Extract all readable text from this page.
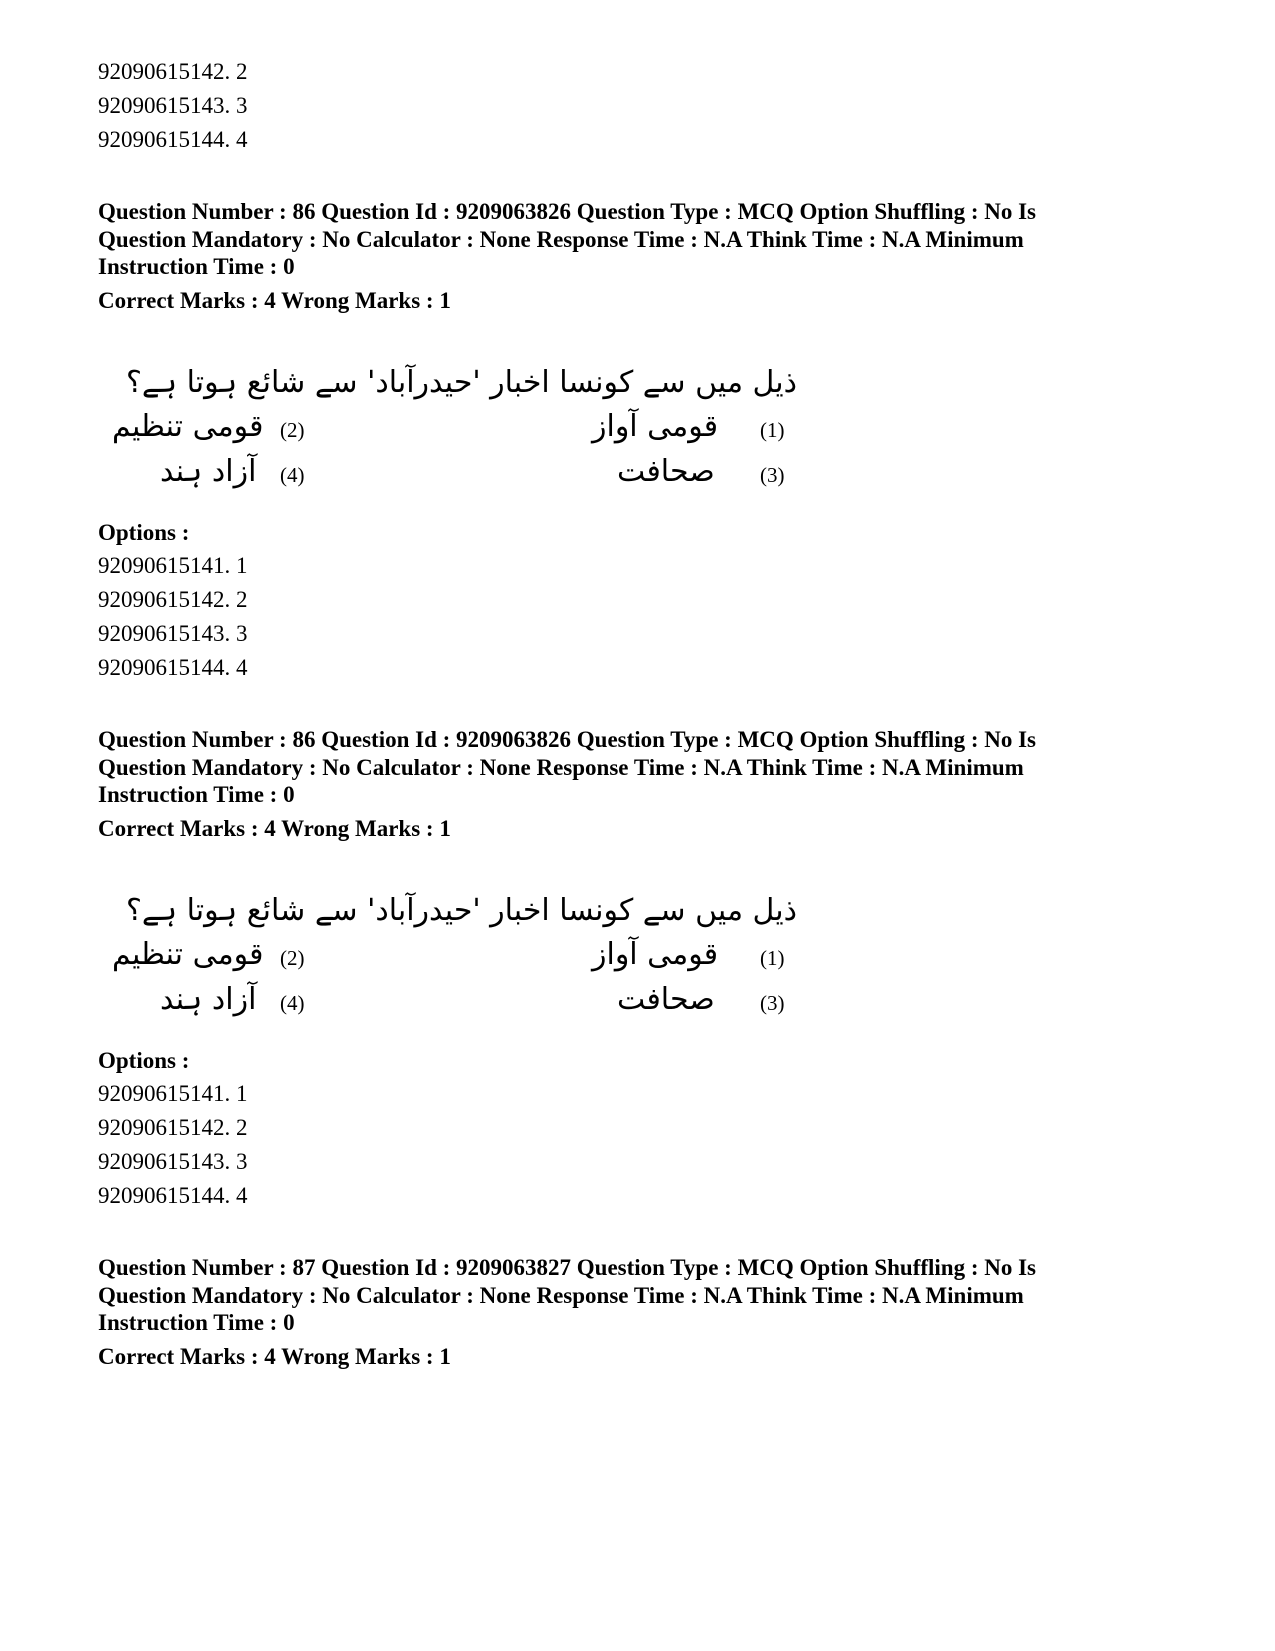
92090615142. 2
92090615143. 3
92090615144. 4
Question Number : 86 Question Id : 9209063826 Question Type : MCQ Option Shuffling : No Is
Question Mandatory : No Calculator : None Response Time : N.A Think Time : N.A Minimum
Instruction Time : 0
Correct Marks : 4 Wrong Marks : 1
ذیل میں سے کونسا اخبار 'حیدرآباد' سے شائع ہوتا ہے؟
(1)
قومی آواز
(2)
قومی تنظیم
(3)
صحافت
(4)
آزاد ہند
Options :
92090615141. 1
92090615142. 2
92090615143. 3
92090615144. 4
Question Number : 86 Question Id : 9209063826 Question Type : MCQ Option Shuffling : No Is
Question Mandatory : No Calculator : None Response Time : N.A Think Time : N.A Minimum
Instruction Time : 0
Correct Marks : 4 Wrong Marks : 1
ذیل میں سے کونسا اخبار 'حیدرآباد' سے شائع ہوتا ہے؟
(1)
قومی آواز
(2)
قومی تنظیم
(3)
صحافت
(4)
آزاد ہند
Options :
92090615141. 1
92090615142. 2
92090615143. 3
92090615144. 4
Question Number : 87 Question Id : 9209063827 Question Type : MCQ Option Shuffling : No Is
Question Mandatory : No Calculator : None Response Time : N.A Think Time : N.A Minimum
Instruction Time : 0
Correct Marks : 4 Wrong Marks : 1
